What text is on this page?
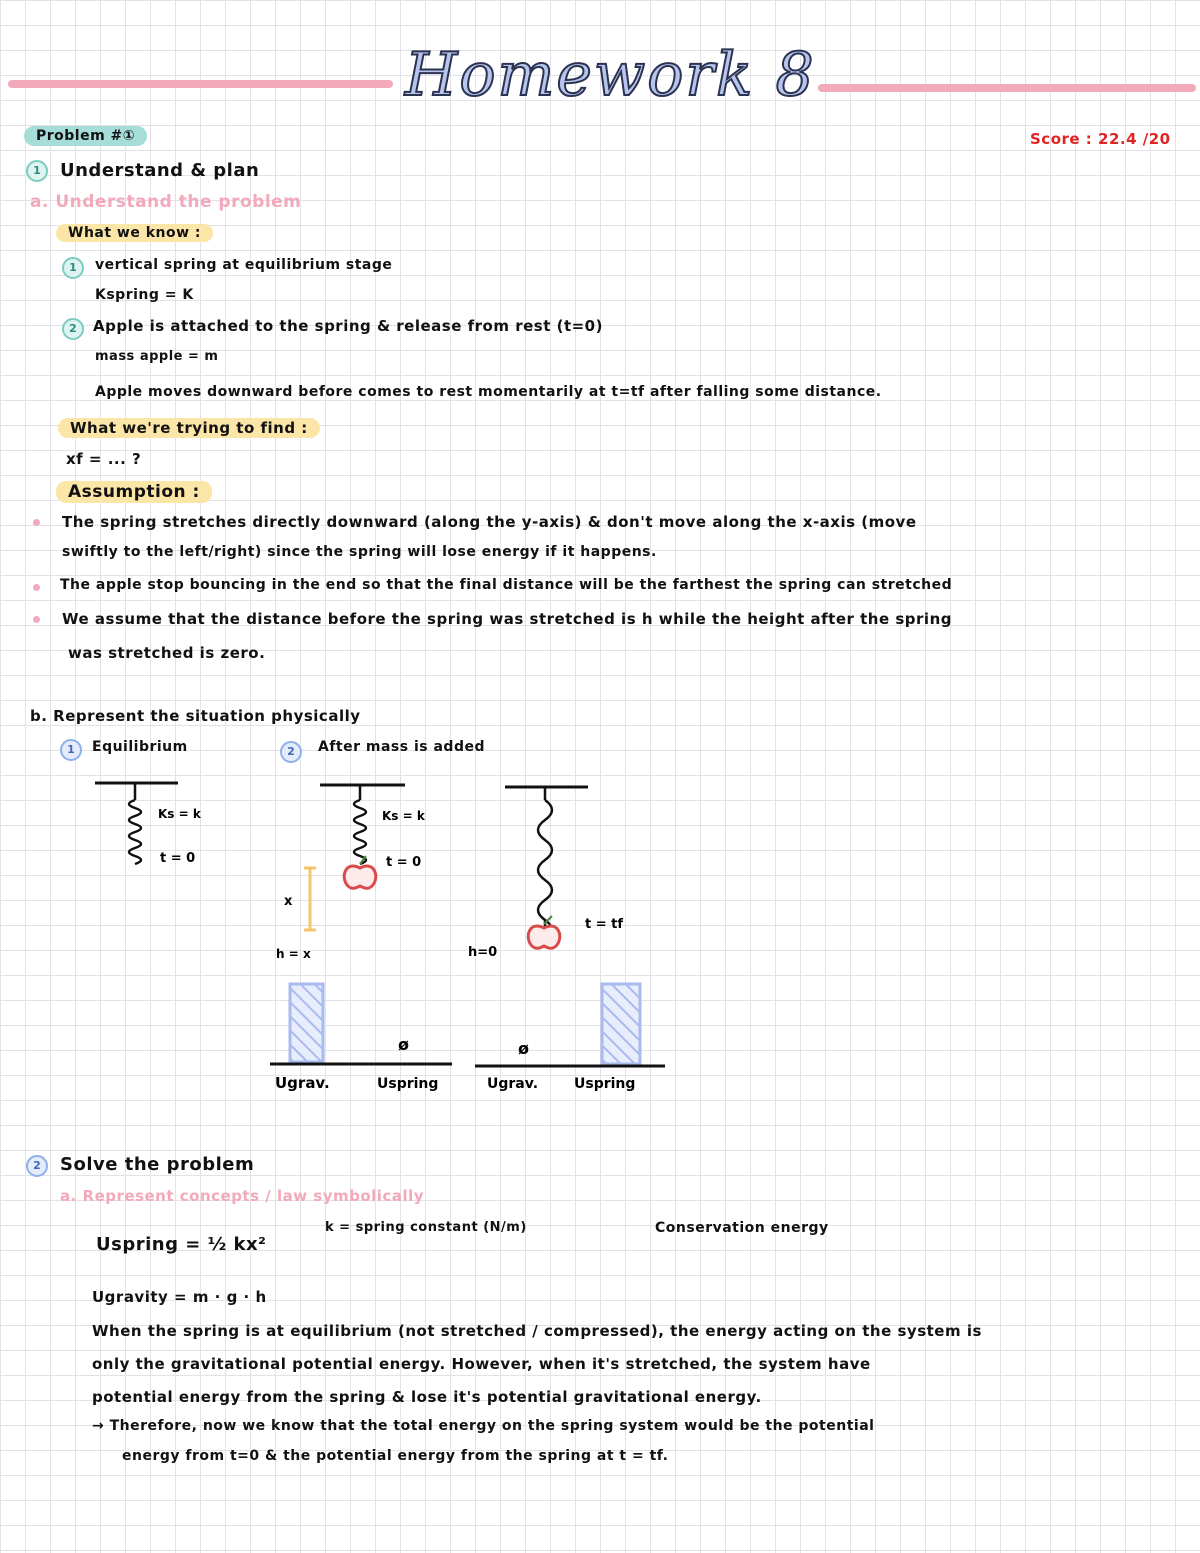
Homework 8
Problem #①	Score : 22.4 /20
1	Understand & plan
a. Understand the problem
What we know :
1	vertical spring at equilibrium stage
Kspring = K
2	Apple is attached to the spring & release from rest (t=0)
mass apple = m
Apple moves downward before comes to rest momentarily at t=tf after falling some distance.
What we're trying to find :
xf = ... ?
Assumption :
The spring stretches directly downward (along the y-axis) & don't move along the x-axis (move
swiftly to the left/right) since the spring will lose energy if it happens.
The apple stop bouncing in the end so that the final distance will be the farthest the spring can stretched
We assume that the distance before the spring was stretched is h while the height after the spring
was stretched is zero.
b. Represent the situation physically
1	Equilibrium	2	After mass is added
Ks = k
t = 0
Ks = k
t = 0
x
h = x	h=0
t = tf
ø	ø
Ugrav.	Uspring	Ugrav.	Uspring
2	Solve the problem
a. Represent concepts / law symbolically
Uspring = ½ kx²
k = spring constant (N/m)	Conservation energy
Ugravity = m · g · h
When the spring is at equilibrium (not stretched / compressed), the energy acting on the system is
only the gravitational potential energy. However, when it's stretched, the system have
potential energy from the spring & lose it's potential gravitational energy.
→ Therefore, now we know that the total energy on the spring system would be the potential
energy from t=0 & the potential energy from the spring at t = tf.
